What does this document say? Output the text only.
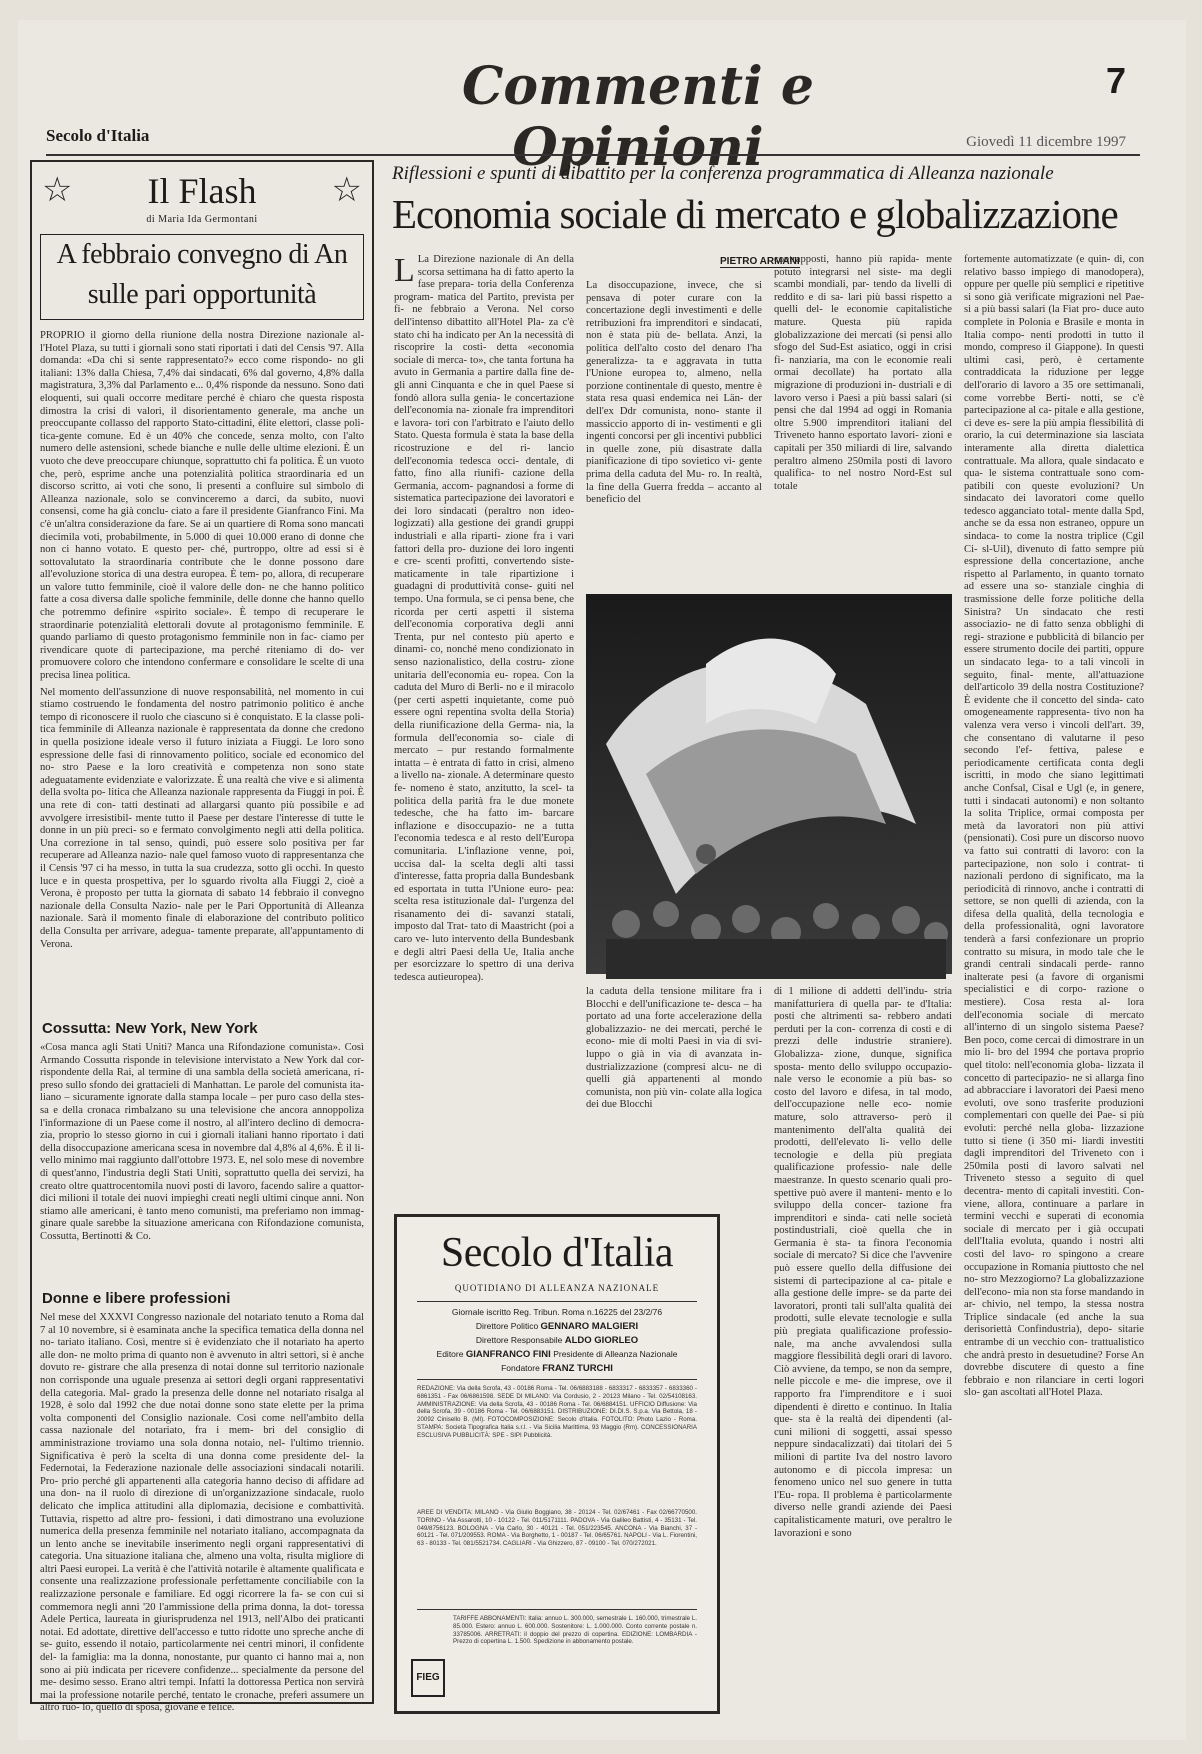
Commenti e Opinioni
7
Secolo d'Italia	Giovedì 11 dicembre 1997
☆	☆
Il Flash
di Maria Ida Germontani
A febbraio convegno di An sulle pari opportunità

PROPRIO il giorno della riunione della nostra Direzione nazionale al- l'Hotel Plaza, su tutti i giornali sono stati riportati i dati del Censis '97. Alla domanda: «Da chi si sente rappresentato?» ecco come rispondo- no gli italiani: 13% dalla Chiesa, 7,4% dai sindacati, 6% dal governo, 4,8% dalla magistratura, 3,3% dal Parlamento e... 0,4% risponde da nessuno. Sono dati eloquenti, sui quali occorre meditare perché è chiaro che questa risposta dimostra la crisi di valori, il disorientamento generale, ma anche un preoccupante collasso del rapporto Stato-cittadini, élite elettori, classe poli- tica-gente comune. Ed è un 40% che concede, senza molto, con l'alto numero delle astensioni, schede bianche e nulle delle ultime elezioni. È un vuoto che deve preoccupare chiunque, soprattutto chi fa politica. È un vuoto che, però, esprime anche una potenzialità politica straordinaria ed un discorso scritto, ai voti che sono, li presenti a confluire sul simbolo di Alleanza nazionale, solo se convinceremo a darci, da subito, nuovi consensi, come ha già conclu- ciato a fare il presidente Gianfranco Fini. Ma c'è un'altra considerazione da fare. Se ai un quartiere di Roma sono mancati diecimila voti, probabilmente, in 5.000 di quei 10.000 erano di donne che non ci hanno votato. E questo per- ché, purtroppo, oltre ad essi si è sottovalutato la straordinaria contribute che le donne possono dare all'evoluzione storica di una destra europea. È tem- po, allora, di recuperare un valore tutto femminile, cioè il valore delle don- ne che hanno politico fatte a cosa diversa dalle spoliche femminile, delle donne che hanno quello che potremmo definire «spirito sociale». È tempo di recuperare le straordinarie potenzialità elettorali dovute al protagonismo femminile. E quando parliamo di questo protagonismo femminile non in fac- ciamo per rivendicare quote di partecipazione, ma perché riteniamo di do- ver promuovere coloro che intendono confermare e consolidare le scelte di una precisa linea politica.

Nel momento dell'assunzione di nuove responsabilità, nel momento in cui stiamo costruendo le fondamenta del nostro patrimonio politico è anche tempo di riconoscere il ruolo che ciascuno si è conquistato. E la classe poli- tica femminile di Alleanza nazionale è rappresentata da donne che credono in quella posizione ideale verso il futuro iniziata a Fiuggi. Le loro sono espressione delle fasi di rinnovamento politico, sociale ed economico del no- stro Paese e la loro creatività e competenza non sono state adeguatamente evidenziate e valorizzate. È una realtà che vive e si alimenta della svolta po- litica che Alleanza nazionale rappresenta da Fiuggi in poi. È una rete di con- tatti destinati ad allargarsi quanto più possibile e ad avvolgere irresistibil- mente tutto il Paese per destare l'interesse di tutte le donne in un più preci- so e fermato convolgimento negli atti della politica. Una correzione in tal senso, quindi, può essere solo positiva per far recuperare ad Alleanza nazio- nale quel famoso vuoto di rappresentanza che il Censis '97 ci ha messo, in tutta la sua crudezza, sotto gli occhi. In questo luce e in questa prospettiva, per lo sguardo rivolta alla Fiuggi 2, cioè a Verona, è proposto per tutta la giornata di sabato 14 febbraio il convegno nazionale della Consulta Nazio- nale per le Pari Opportunità di Alleanza nazionale. Sarà il momento finale di elaborazione del contributo politico della Consulta per arrivare, adegua- tamente preparate, all'appuntamento di Verona.

Cossutta: New York, New York
«Cosa manca agli Stati Uniti? Manca una Rifondazione comunista». Così Armando Cossutta risponde in televisione intervistato a New York dal cor- rispondente della Rai, al termine di una sambla della società americana, ri- preso sullo sfondo dei grattacieli di Manhattan. Le parole del comunista ita- liano – sicuramente ignorate dalla stampa locale – per puro caso della stes- sa e della cronaca rimbalzano su una televisione che ancora annoppoliza l'informazione di un Paese come il nostro, al all'intero declino di democra- zia, proprio lo stesso giorno in cui i giornali italiani hanno riportato i dati della disoccupazione americana scesa in novembre dal 4,8% al 4,6%. È il li- vello minimo mai raggiunto dall'ottobre 1973. E, nel solo mese di novembre di quest'anno, l'industria degli Stati Uniti, soprattutto quella dei servizi, ha creato oltre quattrocentomila nuovi posti di lavoro, facendo salire a quattor- dici milioni il totale dei nuovi impieghi creati negli ultimi cinque anni. Non stiamo alle americani, è tanto meno comunisti, ma preferiamo non immag- ginare quale sarebbe la situazione americana con Rifondazione comunista, Cossutta, Bertinotti & Co.
Donne e libere professioni
Nel mese del XXXVI Congresso nazionale del notariato tenuto a Roma dal 7 al 10 novembre, si è esaminata anche la specifica tematica della donna nel no- tariato italiano. Così, mentre si è evidenziato che il notariato ha aperto alle don- ne molto prima di quanto non è avvenuto in altri settori, si è anche dovuto re- gistrare che alla presenza di notai donne sul territorio nazionale non corrisponde una uguale presenza ai settori degli organi rappresentativi della categoria. Mal- grado la presenza delle donne nel notariato risalga al 1928, è solo dal 1992 che due notai donne sono state elette per la prima volta componenti del Consiglio nazionale. Così come nell'ambito della cassa nazionale del notariato, fra i mem- bri del consiglio di amministrazione troviamo una sola donna notaio, nel- l'ultimo triennio. Significativa è però la scelta di una donna come presidente del- la Federnotai, la Federazione nazionale delle associazioni sindacali notarili. Pro- prio perché gli appartenenti alla categoria hanno deciso di affidare ad una don- na il ruolo di direzione di un'organizzazione sindacale, ruolo delicato che implica attitudini alla diplomazia, decisione e combattività. Tuttavia, rispetto ad altre pro- fessioni, i dati dimostrano una evoluzione numerica della presenza femminile nel notariato italiano, accompagnata da un lento anche se inevitabile inserimento negli organi rappresentativi di categoria. Una situazione italiana che, almeno una volta, risulta migliore di altri Paesi europei. La verità è che l'attività notarile è altamente qualificata e consente una realizzazione professionale perfettamente conciliabile con la realizzazione personale e familiare. Ed oggi ricorrere la fa- se con cui si commemora negli anni '20 l'ammissione della prima donna, la dot- toressa Adele Pertica, laureata in giurisprudenza nel 1913, nell'Albo dei praticanti notai. Ed adottate, direttive dell'accesso e tutto ridotte uno spreche anche di se- guito, essendo il notaio, particolarmente nei centri minori, il confidente del- la famiglia: ma la donna, nonostante, pur quanto ci hanno mai a, non sono ai più indicata per ricevere confidenze... specialmente da persone del me- desimo sesso. Erano altri tempi. Infatti la dottoressa Pertica non servirà mai la professione notarile perché, tentato le cronache, preferì assumere un altro ruo- lo, quello di sposa, giovane e felice.
Riflessioni e spunti di dibattito per la conferenza programmatica di Alleanza nazionale
Economia sociale di mercato e globalizzazione
PIETRO ARMANI
L La Direzione nazionale di An della scorsa settimana ha di fatto aperto la fase prepara- toria della Conferenza program- matica del Partito, prevista per fi- ne febbraio a Verona. Nel corso dell'intenso dibattito all'Hotel Pla- za c'è stato chi ha indicato per An la necessità di riscoprire la costi- detta «economia sociale di merca- to», che tanta fortuna ha avuto in Germania a partire dalla fine de- gli anni Cinquanta e che in quel Paese si fondò allora sulla genia- le concertazione dell'economia na- zionale fra imprenditori e lavora- tori con l'arbitrato e l'aiuto dello Stato. Questa formula è stata la base della ricostruzione e del ri- lancio dell'economia tedesca occi- dentale, di fatto, fino alla riunifi- cazione della Germania, accom- pagnandosi a forme di sistematica partecipazione dei lavoratori e dei loro sindacati (peraltro non ideo- logizzati) alla gestione dei grandi gruppi industriali e alla riparti- zione fra i vari fattori della pro- duzione dei loro ingenti e cre- scenti profitti, convertendo siste- maticamente in tale ripartizione i guadagni di produttività conse- guiti nel tempo. Una formula, se ci pensa bene, che ricorda per certi aspetti il sistema dell'economia corporativa degli anni Trenta, pur nel contesto più aperto e dinami- co, nonché meno condizionato in senso nazionalistico, della costru- zione unitaria dell'economia eu- ropea. Con la caduta del Muro di Berli- no e il miracolo (per certi aspetti inquietante, come può essere ogni repentina svolta della Storia) della riunificazione della Germa- nia, la formula dell'economia so- ciale di mercato – pur restando formalmente intatta – è entrata di fatto in crisi, almeno a livello na- zionale. A determinare questo fe- nomeno è stato, anzitutto, la scel- ta politica della parità fra le due monete tedesche, che ha fatto im- barcare inflazione e disoccupazio- ne a tutta l'economia tedesca e al resto dell'Europa comunitaria. L'inflazione venne, poi, uccisa dal- la scelta degli alti tassi d'interesse, fatta propria dalla Bundesbank ed esportata in tutta l'Unione euro- pea: scelta resa istituzionale dal- l'urgenza del risanamento dei di- savanzi statali, imposto dal Trat- tato di Maastricht (poi a caro ve- luto intervento della Bundesbank e degli altri Paesi della Ue, Italia anche per esorcizzare lo spettro di una deriva tedesca autieuropea).
La disoccupazione, invece, che si pensava di poter curare con la concertazione degli investimenti e delle retribuzioni fra imprenditori e sindacati, non è stata più de- bellata. Anzi, la politica dell'alto costo del denaro l'ha generalizza- ta e aggravata in tutta l'Unione europea to, almeno, nella porzione continentale di questo, mentre è stata resa quasi endemica nei Län- der dell'ex Ddr comunista, nono- stante il massiccio apporto di in- vestimenti e gli ingenti concorsi per gli incentivi pubblici in quelle zone, più disastrate dalla pianificazione di tipo sovietico vi- gente prima della caduta del Mu- ro. In realtà, la fine della Guerra fredda – accanto al beneficio del
contrapposti, hanno più rapida- mente potuto integrarsi nel siste- ma degli scambi mondiali, par- tendo da livelli di reddito e di sa- lari più bassi rispetto a quelli del- le economie capitalistiche mature. Questa più rapida globalizzazione dei mercati (si pensi allo sfogo del Sud-Est asiatico, oggi in crisi fi- nanziaria, ma con le economie reali ormai decollate) ha portato alla migrazione di produzioni in- dustriali e di lavoro verso i Paesi a più bassi salari (si pensi che dal 1994 ad oggi in Romania oltre 5.900 imprenditori italiani del Triveneto hanno esportato lavori- zioni e capitali per 350 miliardi di lire, salvando peraltro almeno 250mila posti di lavoro qualifica- to nel nostro Nord-Est sul totale
la caduta della tensione militare fra i Blocchi e dell'unificazione te- desca – ha portato ad una forte accelerazione della globalizzazio- ne dei mercati, perché le econo- mie di molti Paesi in via di svi- luppo o già in via di avanzata in- dustrializzazione (compresi alcu- ne di quelli già appartenenti al mondo comunista, non più vin- colate alla logica dei due Blocchi
di 1 milione di addetti dell'indu- stria manifatturiera di quella par- te d'Italia: posti che altrimenti sa- rebbero andati perduti per la con- correnza di costi e di prezzi delle industrie straniere). Globalizza- zione, dunque, significa sposta- mento dello sviluppo occupazio- nale verso le economie a più bas- so costo del lavoro e difesa, in tal modo, dell'occupazione nelle eco- nomie mature, solo attraverso- però il mantenimento dell'alta qualità dei prodotti, dell'elevato li- vello delle tecnologie e della più pregiata qualificazione professio- nale delle maestranze. In questo scenario quali pro- spettive può avere il manteni- mento e lo sviluppo della concer- tazione fra imprenditori e sinda- cati nelle società postindustriali, cioè quella che in Germania è sta- ta finora l'economia sociale di mercato? Si dice che l'avvenire può essere quello della diffusione dei sistemi di partecipazione al ca- pitale e alla gestione delle impre- se da parte dei lavoratori, pronti tali sull'alta qualità dei prodotti, sulle elevate tecnologie e sulla più pregiata qualificazione professio- nale, ma anche avvalendosi sulla maggiore flessibilità degli orari di lavoro. Ciò avviene, da tempo, se non da sempre, nelle piccole e me- die imprese, ove il rapporto fra l'imprenditore e i suoi dipendenti è diretto e continuo. In Italia que- sta è la realtà dei dipendenti (al- cuni milioni di soggetti, assai spesso neppure sindacalizzati) dai titolari dei 5 milioni di partite Iva del nostro lavoro autonomo e di piccola impresa: un fenomeno unico nel suo genere in tutta l'Eu- ropa. Il problema è particolarmente diverso nelle grandi aziende dei Paesi capitalisticamente maturi, ove peraltro le lavorazioni e sono
fortemente automatizzate (e quin- di, con relativo basso impiego di manodopera), oppure per quelle più semplici e ripetitive si sono già verificate migrazioni nel Pae- si a più bassi salari (la Fiat pro- duce auto complete in Polonia e Brasile e monta in Italia compo- nenti prodotti in tutto il mondo, compreso il Giappone). In questi ultimi casi, però, è certamente contraddicata la riduzione per legge dell'orario di lavoro a 35 ore settimanali, come vorrebbe Berti- notti, se c'è partecipazione al ca- pitale e alla gestione, ci deve es- sere la più ampia flessibilità di orario, la cui determinazione sia lasciata interamente alla diretta dialettica contrattuale. Ma allora, quale sindacato e qua- le sistema contrattuale sono com- patibili con queste evoluzioni? Un sindacato dei lavoratori come quello tedesco agganciato total- mente dalla Spd, anche se da essa non estraneo, oppure un sindaca- to come la nostra triplice (Cgil Ci- sl-Uil), divenuto di fatto sempre più espressione della concertazione, anche rispetto al Parlamento, in quanto tornato ad essere una so- stanziale cinghia di trasmissione delle forze politiche della Sinistra? Un sindacato che resti associazio- ne di fatto senza obblighi di regi- strazione e pubblicità di bilancio per essere strumento docile dei partiti, oppure un sindacato lega- to a tali vincoli in seguito, final- mente, all'attuazione dell'articolo 39 della nostra Costituzione? È evidente che il concetto del sinda- cato omogeneamente rappresenta- tivo non ha valenza vera verso i vincoli dell'art. 39, che consentano di valutarne il peso secondo l'ef- fettiva, palese e periodicamente certificata conta degli iscritti, in modo che siano legittimati anche Confsal, Cisal e Ugl (e, in genere, tutti i sindacati autonomi) e non soltanto la solita Triplice, ormai composta per metà da lavoratori non più attivi (pensionati). Così pure un discorso nuovo va fatto sui contratti di lavoro: con la partecipazione, non solo i contrat- ti nazionali perdono di significato, ma la periodicità di rinnovo, anche i contratti di settore, se non quelli di azienda, con la difesa della qualità, della tecnologia e della professionalità, ogni lavoratore tenderà a farsi confezionare un proprio contratto su misura, in modo tale che le grandi centrali sindacali perde- ranno inalterate pesi (a favore di organismi specialistici e di corpo- razione o mestiere). Cosa resta al- lora dell'economia sociale di mercato all'interno di un singolo sistema Paese? Ben poco, come cercai di dimostrare in un mio li- bro del 1994 che portava proprio quel titolo: nell'economia globa- lizzata il concetto di partecipazio- ne si allarga fino ad abbracciare i lavoratori dei Paesi meno evoluti, ove sono trasferite produzioni complementari con quelle dei Pae- si più evoluti: perché nella globa- lizzazione tutto si tiene (i 350 mi- liardi investiti dagli imprenditori del Triveneto con i 250mila posti di lavoro salvati nel Triveneto stesso a seguito di quel decentra- mento di capitali investiti. Con- viene, allora, continuare a parlare in termini vecchi e superati di economia sociale di mercato per i già occupati dell'Italia evoluta, quando i nostri alti costi del lavo- ro spingono a creare occupazione in Romania piuttosto che nel no- stro Mezzogiorno? La globalizzazione dell'econo- mia non sta forse mandando in ar- chivio, nel tempo, la stessa nostra Triplice sindacale (ed anche la sua derisoriettà Confindustria), depo- sitarie entrambe di un vecchio con- trattualistico che andrà presto in desuetudine? Forse An dovrebbe discutere di questo a fine febbraio e non rilanciare in certi logori slo- gan ascoltati all'Hotel Plaza.
Secolo d'Italia
QUOTIDIANO DI ALLEANZA NAZIONALE
Giornale iscritto Reg. Tribun. Roma n.16225 del 23/2/76
Direttore Politico GENNARO MALGIERI
Direttore Responsabile ALDO GIORLEO
Editore GIANFRANCO FINI Presidente di Alleanza Nazionale
Fondatore FRANZ TURCHI
REDAZIONE: Via della Scrofa, 43 - 00186 Roma - Tel. 06/6883188 - 6833317 - 6833357 - 6833360 - 6861351 - Fax 06/6861598. SEDE DI MILANO: Via Cordusio, 2 - 20123 Milano - Tel. 02/54108163. AMMINISTRAZIONE: Via della Scrofa, 43 - 00186 Roma - Tel. 06/6884151. UFFICIO Diffusione: Via della Scrofa, 39 - 00186 Roma - Tel. 06/6883151. DISTRIBUZIONE: DI.DI.S. S.p.a. Via Bettola, 18 - 20092 Cinisello B. (MI). FOTOCOMPOSIZIONE: Secolo d'Italia. FOTOLITO: Photo Lazio - Roma. STAMPA: Società Tipografica Italia s.r.l. - Via Sicilia Marittima, 93 Maggio (Rm). CONCESSIONARIA ESCLUSIVA PUBBLICITÀ: SPE - SIPI Pubblicità.
AREE DI VENDITA: MILANO - Via Giulio Boggiano, 38 - 20124 - Tel. 02/67461 - Fax 02/66770500. TORINO - Via Assarotti, 10 - 10122 - Tel. 011/5171111. PADOVA - Via Galileo Battisti, 4 - 35131 - Tel. 049/8756123. BOLOGNA - Via Carlo, 30 - 40121 - Tel. 051/223545. ANCONA - Via Bianchi, 37 - 60121 - Tel. 071/209553. ROMA - Via Borghetto, 1 - 00187 - Tel. 06/65761. NAPOLI - Via L. Fiorentini, 63 - 80133 - Tel. 081/5521734. CAGLIARI - Via Ghizzero, 87 - 09100 - Tel. 070/272021.
TARIFFE ABBONAMENTI: Italia: annuo L. 300.000, semestrale L. 160.000, trimestrale L. 85.000. Estero: annuo L. 600.000. Sostenitore: L. 1.000.000. Conto corrente postale n. 33785006. ARRETRATI: il doppio del prezzo di copertina. EDIZIONE: LOMBARDIA - Prezzo di copertina L. 1.500. Spedizione in abbonamento postale.
FIEG
